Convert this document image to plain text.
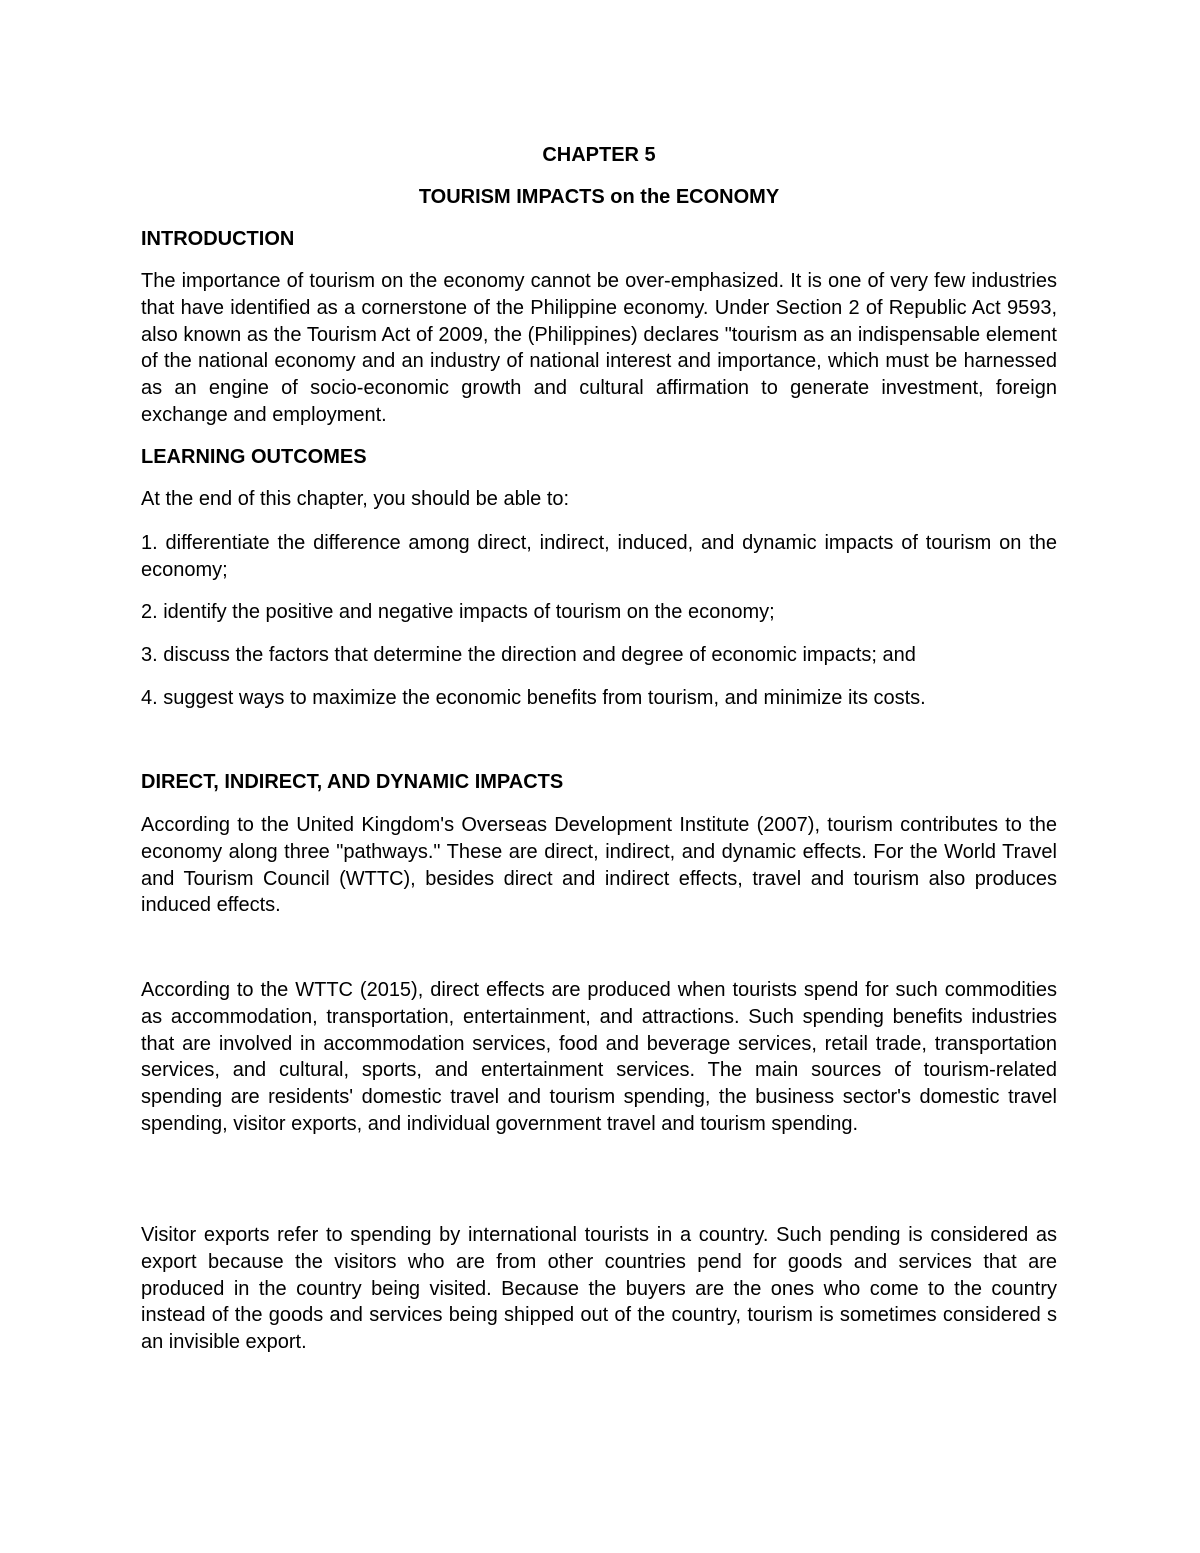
CHAPTER 5

TOURISM IMPACTS on the ECONOMY

INTRODUCTION

The importance of tourism on the economy cannot be over-emphasized. It is one of very few industries that have identified as a cornerstone of the Philippine economy. Under Section 2 of Republic Act 9593, also known as the Tourism Act of 2009, the (Philippines) declares "tourism as an indispensable element of the national economy and an industry of national interest and importance, which must be harnessed as an engine of socio-economic growth and cultural affirmation to generate investment, foreign exchange and employment.

LEARNING OUTCOMES

At the end of this chapter, you should be able to:

1. differentiate the difference among direct, indirect, induced, and dynamic impacts of tourism on the economy;

2. identify the positive and negative impacts of tourism on the economy;

3. discuss the factors that determine the direction and degree of economic impacts; and

4. suggest ways to maximize the economic benefits from tourism, and minimize its costs.

DIRECT, INDIRECT, AND DYNAMIC IMPACTS

According to the United Kingdom's Overseas Development Institute (2007), tourism contributes to the economy along three "pathways." These are direct, indirect, and dynamic effects. For the World Travel and Tourism Council (WTTC), besides direct and indirect effects, travel and tourism also produces induced effects.

According to the WTTC (2015), direct effects are produced when tourists spend for such commodities as accommodation, transportation, entertainment, and attractions. Such spending benefits industries that are involved in accommodation services, food and beverage services, retail trade, transportation services, and cultural, sports, and entertainment services. The main sources of tourism-related spending are residents' domestic travel and tourism spending, the business sector's domestic travel spending, visitor exports, and individual government travel and tourism spending.

Visitor exports refer to spending by international tourists in a country. Such pending is considered as export because the visitors who are from other countries pend for goods and services that are produced in the country being visited. Because the buyers are the ones who come to the country instead of the goods and services being shipped out of the country, tourism is sometimes considered s an invisible export.
